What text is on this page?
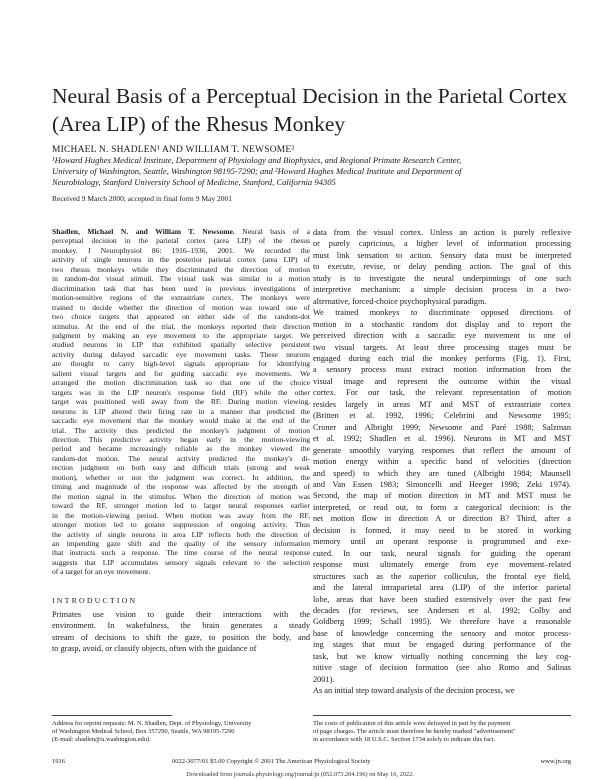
Neural Basis of a Perceptual Decision in the Parietal Cortex
(Area LIP) of the Rhesus Monkey
MICHAEL N. SHADLEN¹ AND WILLIAM T. NEWSOME²
¹Howard Hughes Medical Institute, Department of Physiology and Biophysics, and Regional Primate Research Center,
University of Washington, Seattle, Washington 98195-7290; and ²Howard Hughes Medical Institute and Department of
Neurobiology, Stanford University School of Medicine, Stanford, California 94305
Received 9 March 2000; accepted in final form 9 May 2001
Shadlen, Michael N. and William T. Newsome. Neural basis of a
perceptual decision in the parietal cortex (area LIP) of the rhesus
monkey. J Neurophysiol 86: 1916–1936, 2001. We recorded the
activity of single neurons in the posterior parietal cortex (area LIP) of
two rhesus monkeys while they discriminated the direction of motion
in random-dot visual stimuli. The visual task was similar to a motion
discrimination task that has been used in previous investigations of
motion-sensitive regions of the extrastriate cortex. The monkeys were
trained to decide whether the direction of motion was toward one of
two choice targets that appeared on either side of the random-dot
stimulus. At the end of the trial, the monkeys reported their direction
judgment by making an eye movement to the appropriate target. We
studied neurons in LIP that exhibited spatially selective persistent
activity during delayed saccadic eye movement tasks. These neurons
are thought to carry high-level signals appropriate for identifying
salient visual targets and for guiding saccadic eye movements. We
arranged the motion discrimination task so that one of the choice
targets was in the LIP neuron's response field (RF) while the other
target was positioned well away from the RF. During motion viewing,
neurons in LIP altered their firing rate in a manner that predicted the
saccadic eye movement that the monkey would make at the end of the
trial. The activity thus predicted the monkey's judgment of motion
direction. This predictive activity began early in the motion-viewing
period and became increasingly reliable as the monkey viewed the
random-dot motion. The neural activity predicted the monkey's di-
rection judgment on both easy and difficult trials (strong and weak
motion), whether or not the judgment was correct. In addition, the
timing and magnitude of the response was affected by the strength of
the motion signal in the stimulus. When the direction of motion was
toward the RF, stronger motion led to larger neural responses earlier
in the motion-viewing period. When motion was away from the RF,
stronger motion led to greater suppression of ongoing activity. Thus
the activity of single neurons in area LIP reflects both the direction of
an impending gaze shift and the quality of the sensory information
that instructs such a response. The time course of the neural response
suggests that LIP accumulates sensory signals relevant to the selection
of a target for an eye movement.
INTRODUCTION
Primates use vision to guide their interactions with the
environment. In wakefulness, the brain generates a steady
stream of decisions to shift the gaze, to position the body, and
to grasp, avoid, or classify objects, often with the guidance of
data from the visual cortex. Unless an action is purely reflexive
or purely capricious, a higher level of information processing
must link sensation to action. Sensory data must be interpreted
to execute, revise, or delay pending action. The goal of this
study is to investigate the neural underpinnings of one such
interpretive mechanism: a simple decision process in a two-
alternative, forced-choice psychophysical paradigm.
We trained monkeys to discriminate opposed directions of
motion in a stochastic random dot display and to report the
perceived direction with a saccadic eye movement to one of
two visual targets. At least three processing stages must be
engaged during each trial the monkey performs (Fig. 1). First,
a sensory process must extract motion information from the
visual image and represent the outcome within the visual
cortex. For our task, the relevant representation of motion
resides largely in areas MT and MST of extrastriate cortex
(Britten et al. 1992, 1996; Celebrini and Newsome 1995;
Croner and Albright 1999; Newsome and Paré 1988; Salzman
et al. 1992; Shadlen et al. 1996). Neurons in MT and MST
generate smoothly varying responses that reflect the amount of
motion energy within a specific band of velocities (direction
and speed) to which they are tuned (Albright 1984; Maunsell
and Van Essen 1983; Simoncelli and Heeger 1998; Zeki 1974).
Second, the map of motion direction in MT and MST must be
interpreted, or read out, to form a categorical decision: is the
net motion flow in direction A or direction B? Third, after a
decision is formed, it may need to be stored in working
memory until an operant response is programmed and exe-
cuted. In our task, neural signals for guiding the operant
response must ultimately emerge from eye movement–related
structures such as the superior colliculus, the frontal eye field,
and the lateral intraparietal area (LIP) of the inferior parietal
lobe, areas that have been studied extensively over the past few
decades (for reviews, see Andersen et al. 1992; Colby and
Goldberg 1999; Schall 1995). We therefore have a reasonable
base of knowledge concerning the sensory and motor process-
ing stages that must be engaged during performance of the
task, but we know virtually nothing concerning the key cog-
nitive stage of decision formation (see also Romo and Salinas
2001).
As an initial step toward analysis of the decision process, we
Address for reprint requests: M. N. Shadlen, Dept. of Physiology, University
of Washington Medical School, Box 357290, Seattle, WA 98195-7290
(E-mail: shadlen@u.washington.edu).
The costs of publication of this article were defrayed in part by the payment
of page charges. The article must therefore be hereby marked "advertisement"
in accordance with 18 U.S.C. Section 1734 solely to indicate this fact.
1916	0022-3077/01 $5.00 Copyright © 2001 The American Physiological Society	www.jn.org
Downloaded from journals.physiology.org/journal/jn (052.073.204.196) on May 16, 2022.
